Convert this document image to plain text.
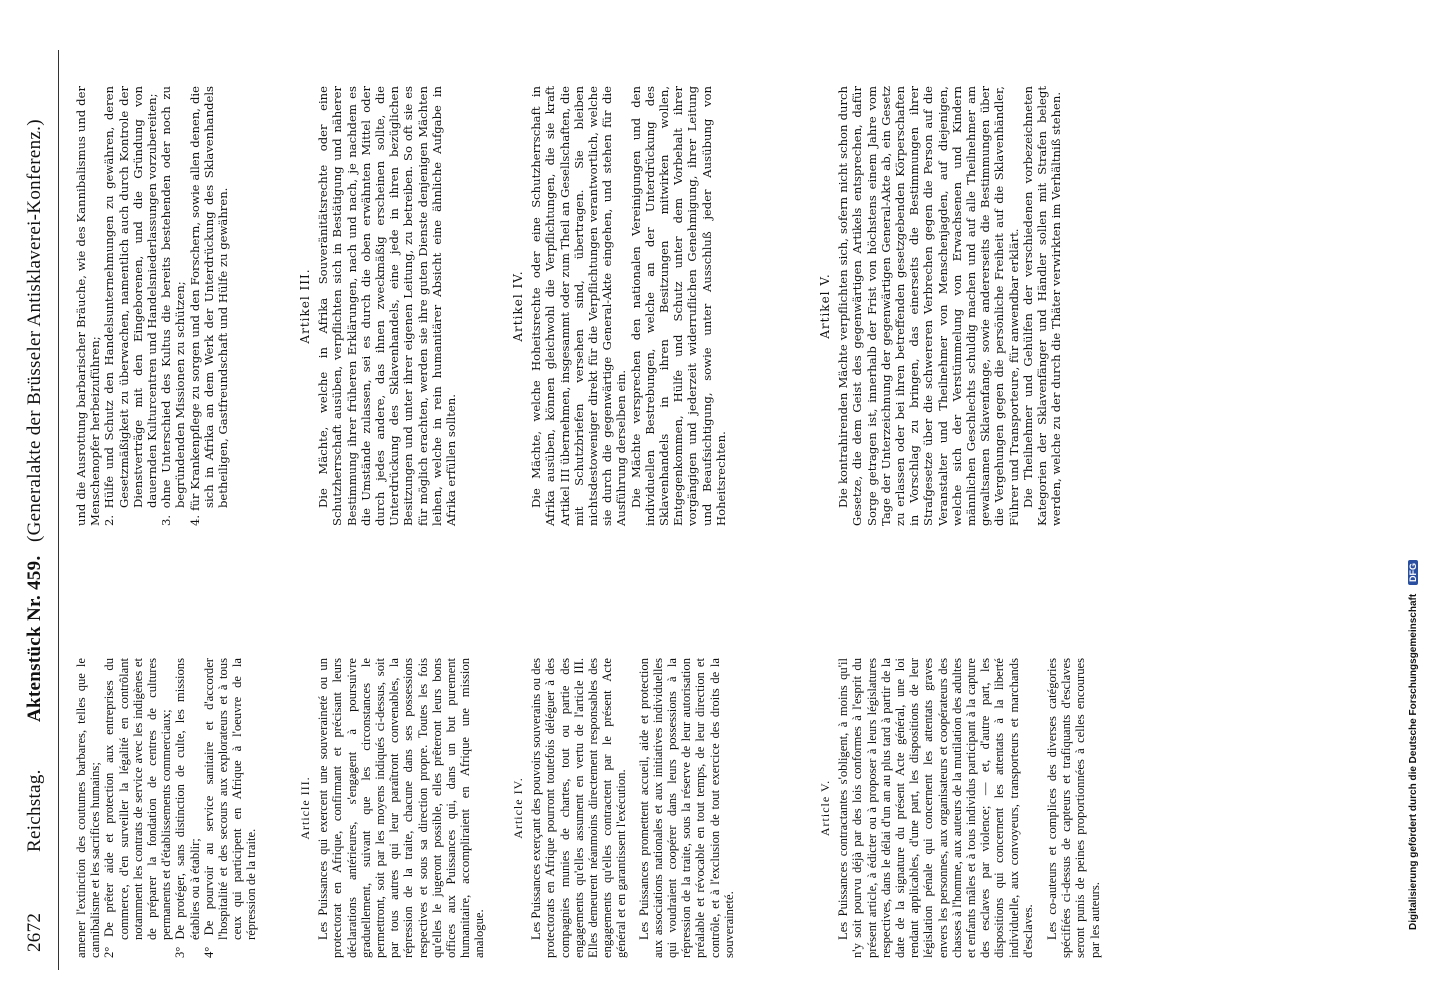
2672
Reichstag.
Aktenstück Nr. 459.
(Generalakte der Brüsseler Antisklaverei-Konferenz.)
amener l'extinction des coutumes barbares, telles que le cannibalisme et les sacrifices humains; 2° De prêter aide et protection aux entreprises du commerce, d'en surveiller la légalité en contrôlant notamment les contrats de service avec les indigènes et de préparer la fondation de centres de cultures permanents et d'établissements commerciaux; 3° De protéger, sans distinction de culte, les missions établies ou à établir; 4° De pourvoir au service sanitaire et d'accorder l'hospitalité et des secours aux explorateurs et à tous ceux qui participent en Afrique à l'oeuvre de la répression de la traite.
und die Ausrottung barbarischer Bräuche, wie des Kannibalismus und der Menschenopfer herbeizuführen; 2. Hülfe und Schutz den Handelsunternehmungen zu gewähren, deren Gesetzmäßigkeit zu überwachen, namentlich auch durch Kontrole der Dienstverträge mit den Eingeborenen, und die Gründung von dauernden Kulturcentren und Handelsniederlassungen vorzubereiten; 3. ohne Unterschied des Kultus die bereits bestehenden oder noch zu begründenden Missionen zu schützen; 4. für Krankenpflege zu sorgen und den Forschern, sowie allen denen, die sich in Afrika an dem Werk der Unterdrückung des Sklavenhandels betheiligen, Gastfreundschaft und Hülfe zu gewähren.
Article III. Les Puissances qui exercent une souveraineté ou un protectorat en Afrique, confirmant et précisant leurs déclarations antérieures, s'engagent à poursuivre graduellement, suivant que les circonstances le permettront, soit par les moyens indiqués ci-dessus, soit par tous autres qui leur paraîtront convenables, la répression de la traite, chacune dans ses possessions respectives et sous sa direction propre. Toutes les fois qu'elles le jugeront possible, elles prêteront leurs bons offices aux Puissances qui, dans un but purement humanitaire, accompliraient en Afrique une mission analogue.
Artikel III. Die Mächte, welche in Afrika Souveränitätsrechte oder eine Schutzherrschaft ausüben, verpflichten sich in Bestätigung und näherer Bestimmung ihrer früheren Erklärungen, nach und nach, je nachdem es die Umstände zulassen, sei es durch die oben erwähnten Mittel oder durch jedes andere, das ihnen zweckmäßig erscheinen sollte, die Unterdrückung des Sklavenhandels, eine jede in ihren bezüglichen Besitzungen und unter ihrer eigenen Leitung, zu betreiben. So oft sie es für möglich erachten, werden sie ihre guten Dienste denjenigen Mächten leihen, welche in rein humanitärer Absicht eine ähnliche Aufgabe in Afrika erfüllen sollten.
Article IV. Les Puissances exerçant des pouvoirs souverains ou des protectorats en Afrique pourront toutefois déléguer à des compagnies munies de chartes, tout ou partie des engagements qu'elles assument en vertu de l'article III. Elles demeurent néanmoins directement responsables des engagements qu'elles contractent par le présent Acte général et en garantissent l'exécution. Les Puissances promettent accueil, aide et protection aux associations nationales et aux initiatives individuelles qui voudraient coopérer dans leurs possessions à la répression de la traite, sous la réserve de leur autorisation préalable et révocable en tout temps, de leur direction et contrôle, et à l'exclusion de tout exercice des droits de la souveraineté.
Artikel IV. Die Mächte, welche Hoheitsrechte oder eine Schutzherrschaft in Afrika ausüben, können gleichwohl die Verpflichtungen, die sie kraft Artikel III übernehmen, insgesammt oder zum Theil an Gesellschaften, die mit Schutzbriefen versehen sind, übertragen. Sie bleiben nichtsdestoweniger direkt für die Verpflichtungen verantwortlich, welche sie durch die gegenwärtige General-Akte eingehen, und stehen für die Ausführung derselben ein. Die Mächte versprechen den nationalen Vereinigungen und den individuellen Bestrebungen, welche an der Unterdrückung des Sklavenhandels in ihren Besitzungen mitwirken wollen, Entgegenkommen, Hülfe und Schutz unter dem Vorbehalt ihrer vorgängigen und jederzeit widerruflichen Genehmigung, ihrer Leitung und Beaufsichtigung, sowie unter Ausschluß jeder Ausübung von Hoheitsrechten.
Article V. Les Puissances contractantes s'obligent, à moins qu'il n'y soit pourvu déjà par des lois conformes à l'esprit du présent article, à édicter ou à proposer à leurs législatures respectives, dans le délai d'un an au plus tard à partir de la date de la signature du présent Acte général, une loi rendant applicables, d'une part, les dispositions de leur législation pénale qui concernent les attentats graves envers les personnes, aux organisateurs et coopérateurs des chasses à l'homme, aux auteurs de la mutilation des adultes et enfants mâles et à tous individus participant à la capture des esclaves par violence; — et, d'autre part, les dispositions qui concernent les attentats à la liberté individuelle, aux convoyeurs, transporteurs et marchands d'esclaves. Les co-auteurs et complices des diverses catégories spécifiées ci-dessus de capteurs et trafiquants d'esclaves seront punis de peines proportionnées à celles encourues par les auteurs.
Artikel V. Die kontrahirenden Mächte verpflichten sich, sofern nicht schon durch Gesetze, die dem Geist des gegenwärtigen Artikels entsprechen, dafür Sorge getragen ist, innerhalb der Frist von höchstens einem Jahre vom Tage der Unterzeichnung der gegenwärtigen General-Akte ab, ein Gesetz zu erlassen oder bei ihren betreffenden gesetzgebenden Körperschaften in Vorschlag zu bringen, das einerseits die Bestimmungen ihrer Strafgesetze über die schwereren Verbrechen gegen die Person auf die Veranstalter und Theilnehmer von Menschenjagden, auf diejenigen, welche sich der Verstümmelung von Erwachsenen und Kindern männlichen Geschlechts schuldig machen und auf alle Theilnehmer am gewaltsamen Sklavenfange, sowie andererseits die Bestimmungen über die Vergehungen gegen die persönliche Freiheit auf die Sklavenhändler, Führer und Transporteure, für anwendbar erklärt. Die Theilnehmer und Gehülfen der verschiedenen vorbezeichneten Kategorien der Sklavenfänger und Händler sollen mit Strafen belegt werden, welche zu der durch die Thäter verwirkten im Verhältniß stehen.
Digitalisierung gefördert durch die Deutsche Forschungsgemeinschaft DFG
